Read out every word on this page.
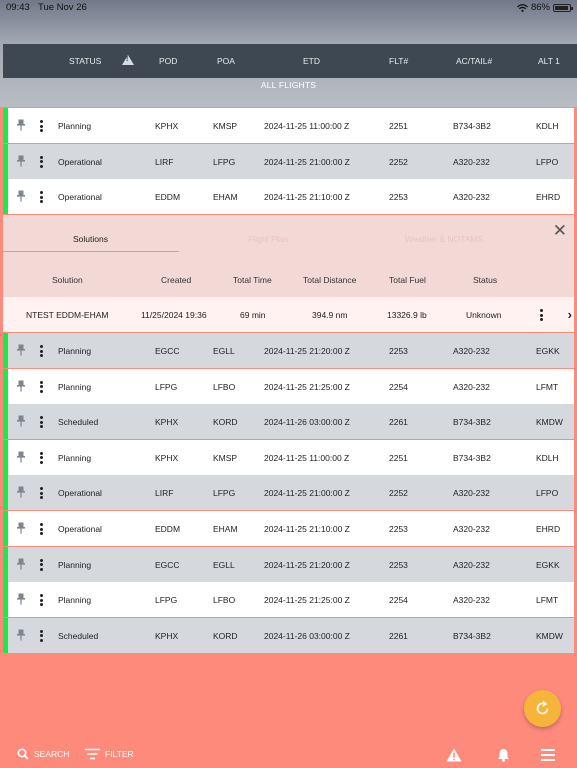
09:43 Tue Nov 26	86%
STATUS
!	POD	POA	ETD	FLT#	AC/TAIL#	ALT 1
ALL FLIGHTS
Planning	KPHX	KMSP	2024-11-25 11:00:00 Z	2251	B734-3B2	KDLH
Operational	LIRF	LFPG	2024-11-25 21:00:00 Z	2252	A320-232	LFPO
Operational	EDDM	EHAM	2024-11-25 21:10:00 Z	2253	A320-232	EHRD
Solutions	Flight Plan	Weather & NOTAMS	✕
Solution	Created	Total Time	Total Distance	Total Fuel	Status
NTEST EDDM-EHAM	11/25/2024 19:36	69 min	394.9 nm	13326.9 lb	Unknown	›
Planning	EGCC	EGLL	2024-11-25 21:20:00 Z	2253	A320-232	EGKK
Planning	LFPG	LFBO	2024-11-25 21:25:00 Z	2254	A320-232	LFMT
Scheduled	KPHX	KORD	2024-11-26 03:00:00 Z	2261	B734-3B2	KMDW
Planning	KPHX	KMSP	2024-11-25 11:00:00 Z	2251	B734-3B2	KDLH
Operational	LIRF	LFPG	2024-11-25 21:00:00 Z	2252	A320-232	LFPO
Operational	EDDM	EHAM	2024-11-25 21:10:00 Z	2253	A320-232	EHRD
Planning	EGCC	EGLL	2024-11-25 21:20:00 Z	2253	A320-232	EGKK
Planning	LFPG	LFBO	2024-11-25 21:25:00 Z	2254	A320-232	LFMT
Scheduled	KPHX	KORD	2024-11-26 03:00:00 Z	2261	B734-3B2	KMDW
SEARCH	FILTER
